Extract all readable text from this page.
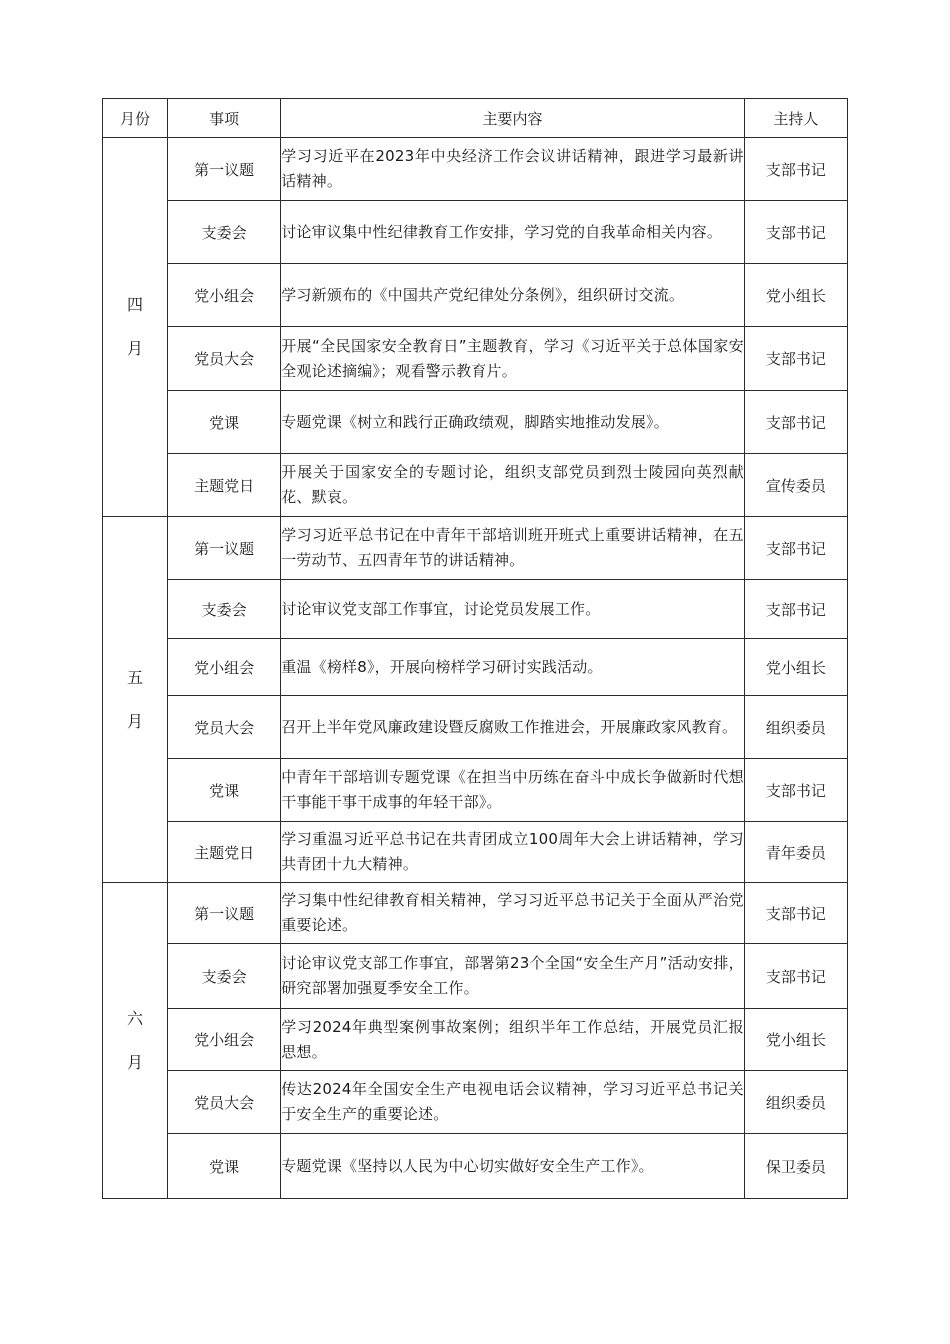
月份	事项	主要内容	主持人
四月	第一议题	学习习近平在2023年中央经济工作会议讲话精神，跟进学习最新讲话精神。	支部书记
	支委会	讨论审议集中性纪律教育工作安排，学习党的自我革命相关内容。	支部书记
	党小组会	学习新颁布的《中国共产党纪律处分条例》，组织研讨交流。	党小组长
	党员大会	开展“全民国家安全教育日”主题教育，学习《习近平关于总体国家安全观论述摘编》；观看警示教育片。	支部书记
	党课	专题党课《树立和践行正确政绩观，脚踏实地推动发展》。	支部书记
	主题党日	开展关于国家安全的专题讨论，组织支部党员到烈士陵园向英烈献花、默哀。	宣传委员
五月	第一议题	学习习近平总书记在中青年干部培训班开班式上重要讲话精神，在五一劳动节、五四青年节的讲话精神。	支部书记
	支委会	讨论审议党支部工作事宜，讨论党员发展工作。	支部书记
	党小组会	重温《榜样8》，开展向榜样学习研讨实践活动。	党小组长
	党员大会	召开上半年党风廉政建设暨反腐败工作推进会，开展廉政家风教育。	组织委员
	党课	中青年干部培训专题党课《在担当中历练在奋斗中成长争做新时代想干事能干事干成事的年轻干部》。	支部书记
	主题党日	学习重温习近平总书记在共青团成立100周年大会上讲话精神，学习共青团十九大精神。	青年委员
六月	第一议题	学习集中性纪律教育相关精神，学习习近平总书记关于全面从严治党重要论述。	支部书记
	支委会	讨论审议党支部工作事宜，部署第23个全国“安全生产月”活动安排，研究部署加强夏季安全工作。	支部书记
	党小组会	学习2024年典型案例事故案例；组织半年工作总结，开展党员汇报思想。	党小组长
	党员大会	传达2024年全国安全生产电视电话会议精神，学习习近平总书记关于安全生产的重要论述。	组织委员
	党课	专题党课《坚持以人民为中心切实做好安全生产工作》。	保卫委员
